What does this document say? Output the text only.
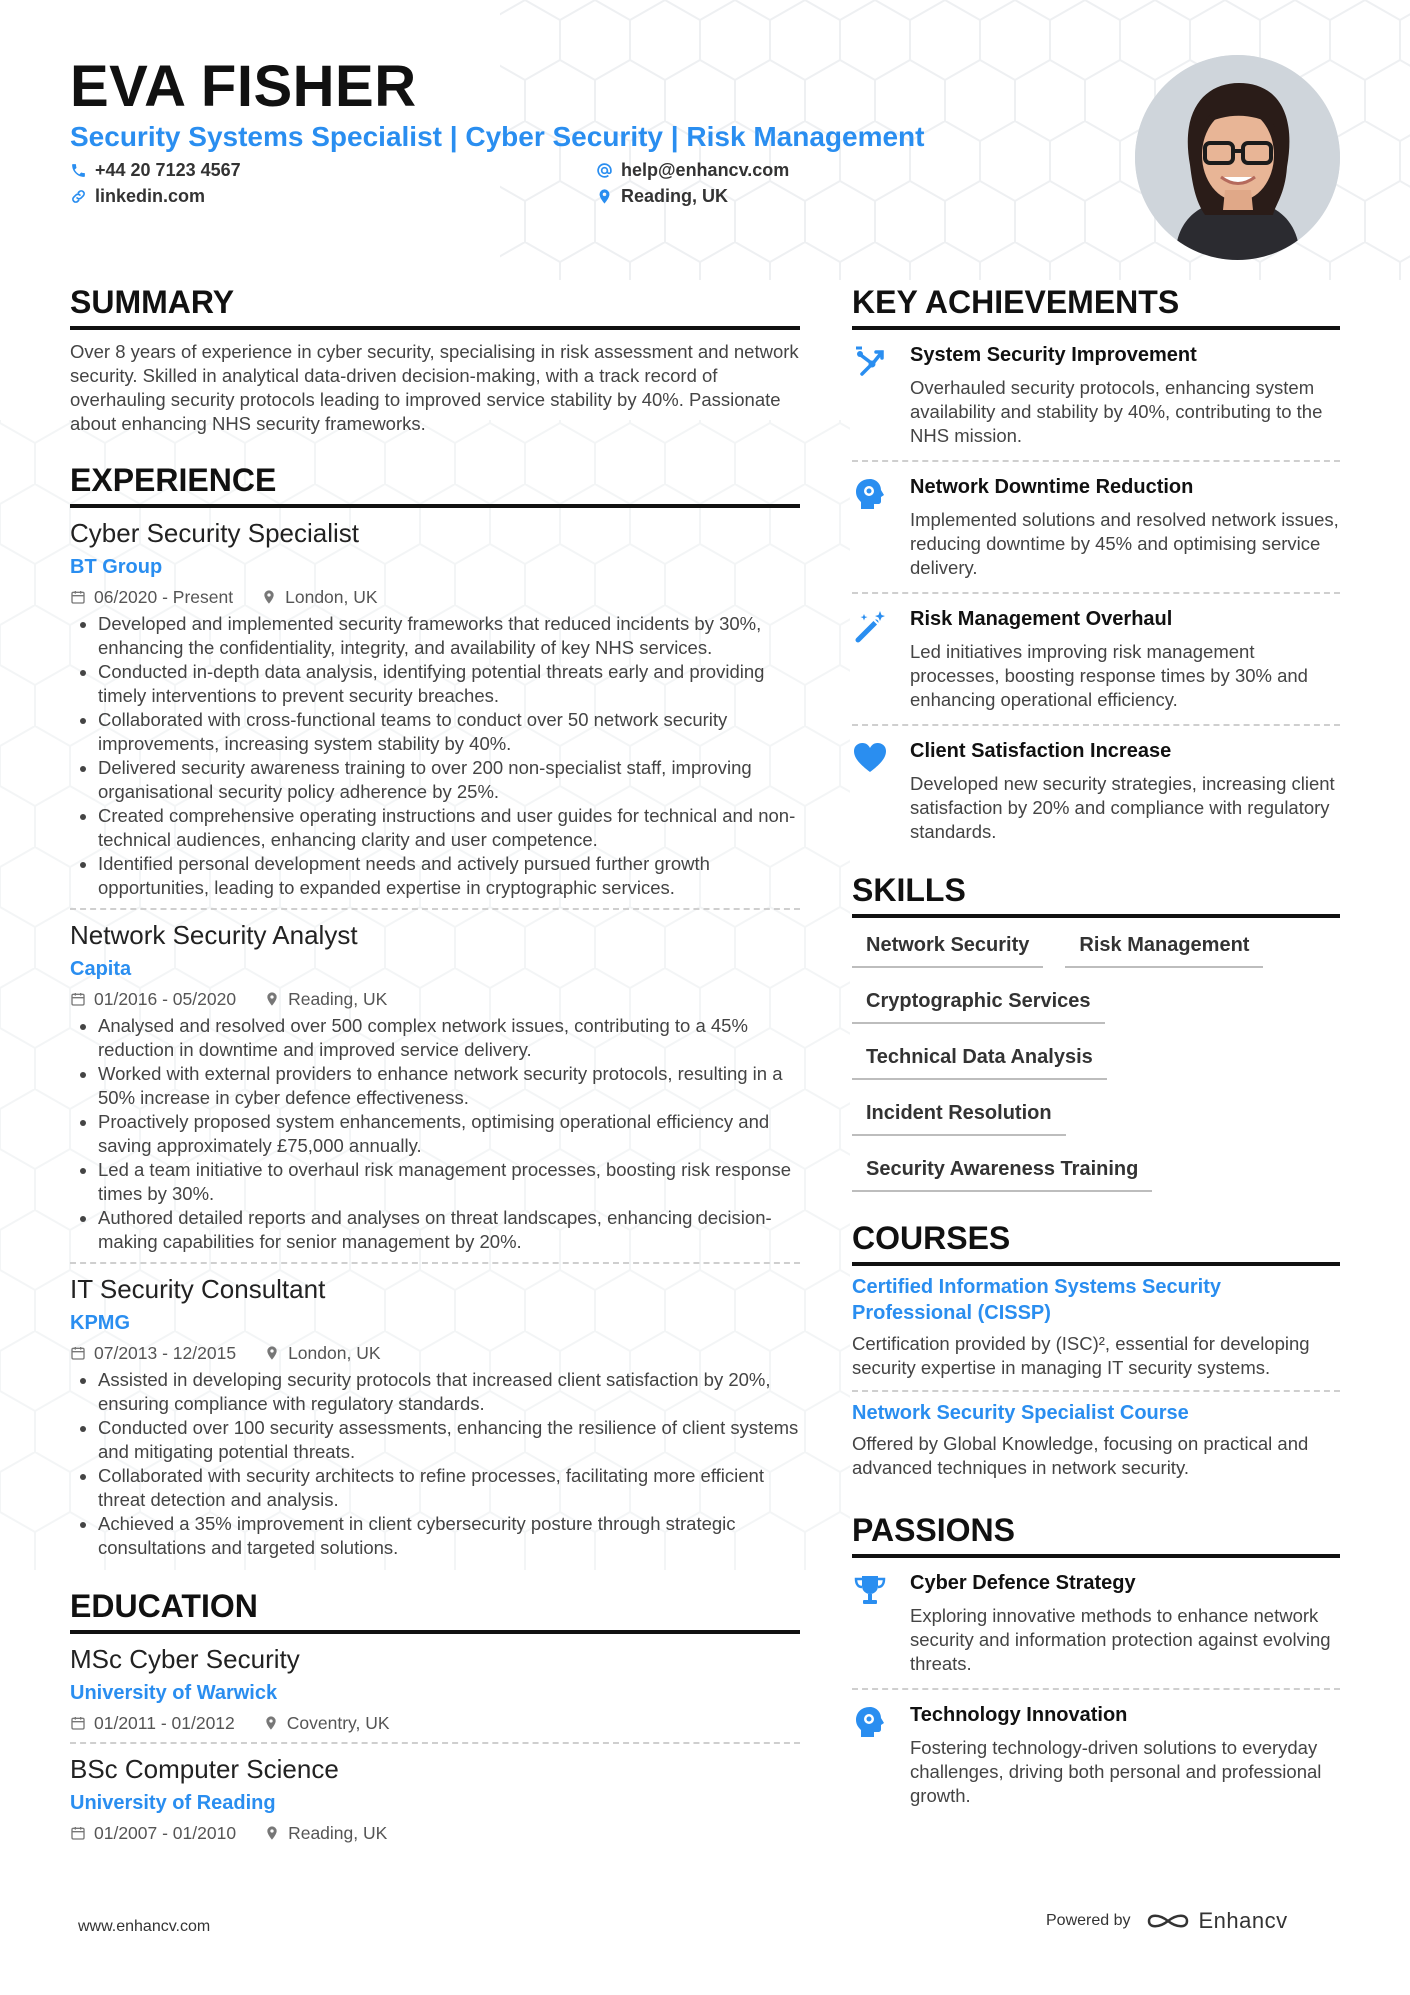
EVA FISHER
Security Systems Specialist | Cyber Security | Risk Management
+44 20 7123 4567	help@enhancv.com
linkedin.com	Reading, UK
SUMMARY

Over 8 years of experience in cyber security, specialising in risk assessment and network security. Skilled in analytical data-driven decision-making, with a track record of overhauling security protocols leading to improved service stability by 40%. Passionate about enhancing NHS security frameworks.

EXPERIENCE
Cyber Security Specialist
BT Group
06/2020 - Present	London, UK
• Developed and implemented security frameworks that reduced incidents by 30%, enhancing the confidentiality, integrity, and availability of key NHS services.
• Conducted in-depth data analysis, identifying potential threats early and providing timely interventions to prevent security breaches.
• Collaborated with cross-functional teams to conduct over 50 network security improvements, increasing system stability by 40%.
• Delivered security awareness training to over 200 non-specialist staff, improving organisational security policy adherence by 25%.
• Created comprehensive operating instructions and user guides for technical and non-technical audiences, enhancing clarity and user competence.
• Identified personal development needs and actively pursued further growth opportunities, leading to expanded expertise in cryptographic services.
Network Security Analyst
Capita
01/2016 - 05/2020	Reading, UK
• Analysed and resolved over 500 complex network issues, contributing to a 45% reduction in downtime and improved service delivery.
• Worked with external providers to enhance network security protocols, resulting in a 50% increase in cyber defence effectiveness.
• Proactively proposed system enhancements, optimising operational efficiency and saving approximately £75,000 annually.
• Led a team initiative to overhaul risk management processes, boosting risk response times by 30%.
• Authored detailed reports and analyses on threat landscapes, enhancing decision-making capabilities for senior management by 20%.
IT Security Consultant
KPMG
07/2013 - 12/2015	London, UK
• Assisted in developing security protocols that increased client satisfaction by 20%, ensuring compliance with regulatory standards.
• Conducted over 100 security assessments, enhancing the resilience of client systems and mitigating potential threats.
• Collaborated with security architects to refine processes, facilitating more efficient threat detection and analysis.
• Achieved a 35% improvement in client cybersecurity posture through strategic consultations and targeted solutions.
EDUCATION
MSc Cyber Security
University of Warwick
01/2011 - 01/2012	Coventry, UK
BSc Computer Science
University of Reading
01/2007 - 01/2010	Reading, UK
KEY ACHIEVEMENTS
System Security Improvement
Overhauled security protocols, enhancing system availability and stability by 40%, contributing to the NHS mission.
Network Downtime Reduction
Implemented solutions and resolved network issues, reducing downtime by 45% and optimising service delivery.
Risk Management Overhaul
Led initiatives improving risk management processes, boosting response times by 30% and enhancing operational efficiency.
Client Satisfaction Increase
Developed new security strategies, increasing client satisfaction by 20% and compliance with regulatory standards.
SKILLS
Network Security	Risk Management
Cryptographic Services
Technical Data Analysis
Incident Resolution
Security Awareness Training
COURSES
Certified Information Systems Security Professional (CISSP)
Certification provided by (ISC)², essential for developing security expertise in managing IT security systems.
Network Security Specialist Course
Offered by Global Knowledge, focusing on practical and advanced techniques in network security.
PASSIONS
Cyber Defence Strategy
Exploring innovative methods to enhance network security and information protection against evolving threats.
Technology Innovation
Fostering technology-driven solutions to everyday challenges, driving both personal and professional growth.
www.enhancv.com	Powered by	Enhancv
